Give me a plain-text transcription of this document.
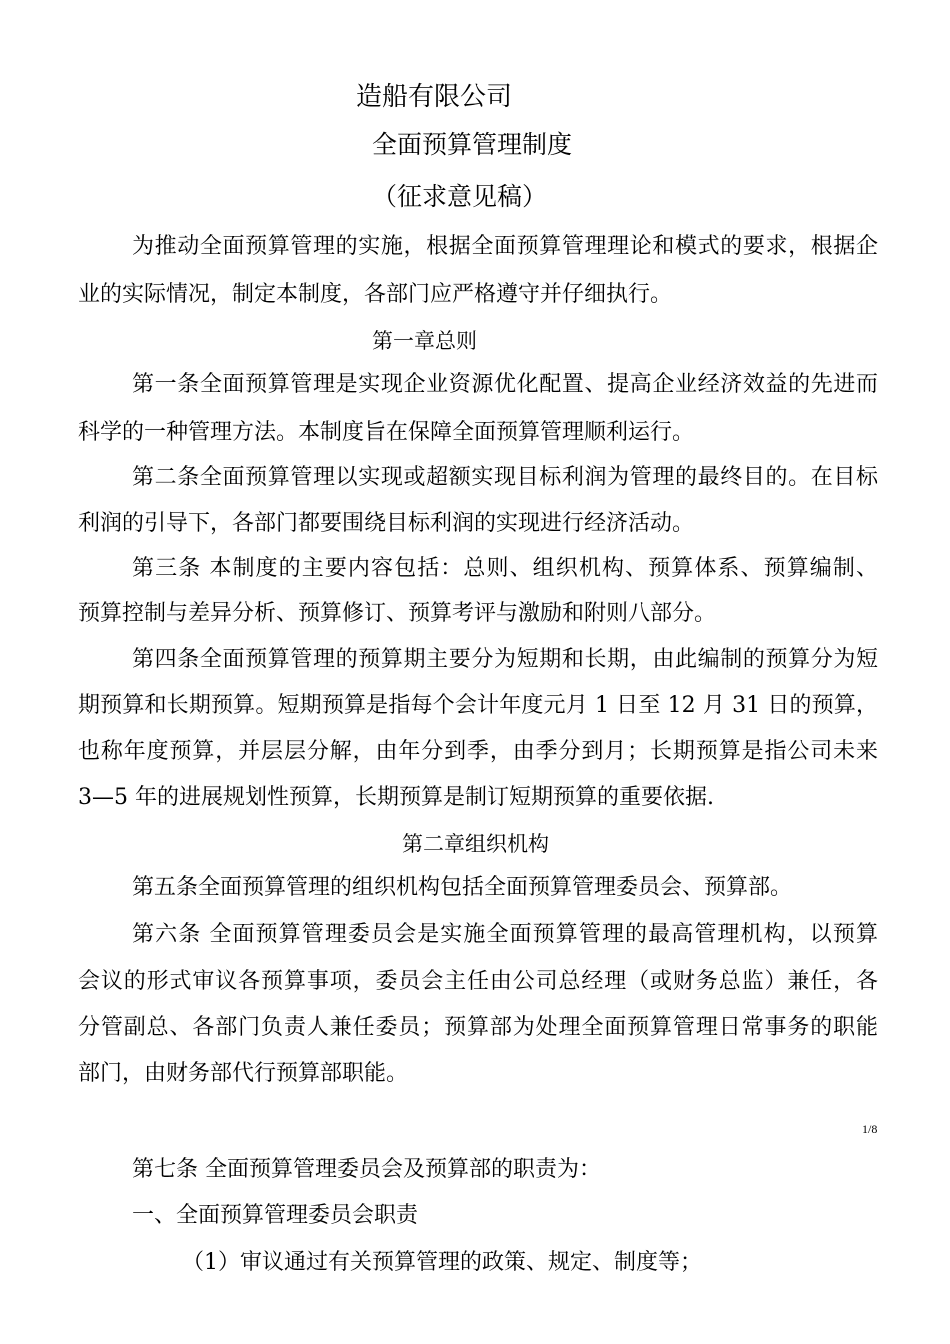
造船有限公司
全面预算管理制度
（征求意见稿）
为推动全面预算管理的实施，根据全面预算管理理论和模式的要求，根据企
业的实际情况，制定本制度，各部门应严格遵守并仔细执行。
第一章总则
第一条全面预算管理是实现企业资源优化配置、提高企业经济效益的先进而
科学的一种管理方法。本制度旨在保障全面预算管理顺利运行。
第二条全面预算管理以实现或超额实现目标利润为管理的最终目的。在目标
利润的引导下，各部门都要围绕目标利润的实现进行经济活动。
第三条 本制度的主要内容包括：总则、组织机构、预算体系、预算编制、
预算控制与差异分析、预算修订、预算考评与激励和附则八部分。
第四条全面预算管理的预算期主要分为短期和长期，由此编制的预算分为短
期预算和长期预算。短期预算是指每个会计年度元月 1 日至 12 月 31 日的预算，
也称年度预算，并层层分解，由年分到季，由季分到月；长期预算是指公司未来
3—5 年的进展规划性预算，长期预算是制订短期预算的重要依据.
第二章组织机构
第五条全面预算管理的组织机构包括全面预算管理委员会、预算部。
第六条 全面预算管理委员会是实施全面预算管理的最高管理机构，以预算
会议的形式审议各预算事项，委员会主任由公司总经理（或财务总监）兼任，各
分管副总、各部门负责人兼任委员；预算部为处理全面预算管理日常事务的职能
部门，由财务部代行预算部职能。
1/8
第七条 全面预算管理委员会及预算部的职责为：
一、全面预算管理委员会职责
（1）审议通过有关预算管理的政策、规定、制度等；
